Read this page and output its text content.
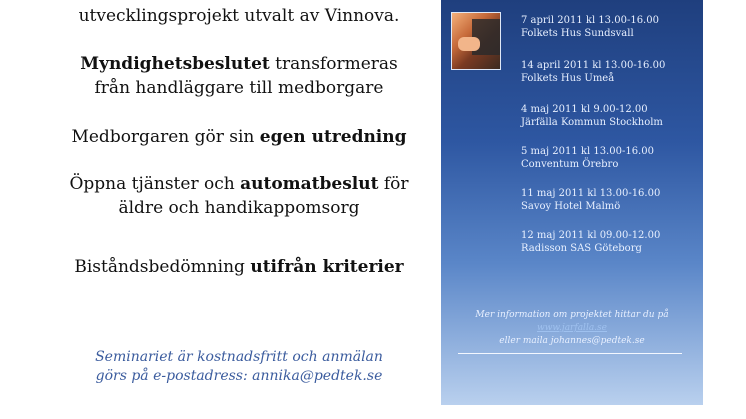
utvecklingsprojekt utvalt av Vinnova.
Myndighetsbeslutet transformeras
från handläggare till medborgare
Medborgaren gör sin egen utredning
Öppna tjänster och automatbeslut för
äldre och handikappomsorg
Biståndsbedömning utifrån kriterier
Seminariet är kostnadsfritt och anmälan
görs på e-postadress: annika@pedtek.se
7 april 2011 kl 13.00-16.00
Folkets Hus Sundsvall
14 april 2011 kl 13.00-16.00
Folkets Hus Umeå
4 maj 2011 kl 9.00-12.00
Järfälla Kommun Stockholm
5 maj 2011 kl 13.00-16.00
Conventum Örebro
11 maj 2011 kl 13.00-16.00
Savoy Hotel Malmö
12 maj 2011 kl 09.00-12.00
Radisson SAS Göteborg
Mer information om projektet hittar du på
www.jarfalla.se
eller maila johannes@pedtek.se
